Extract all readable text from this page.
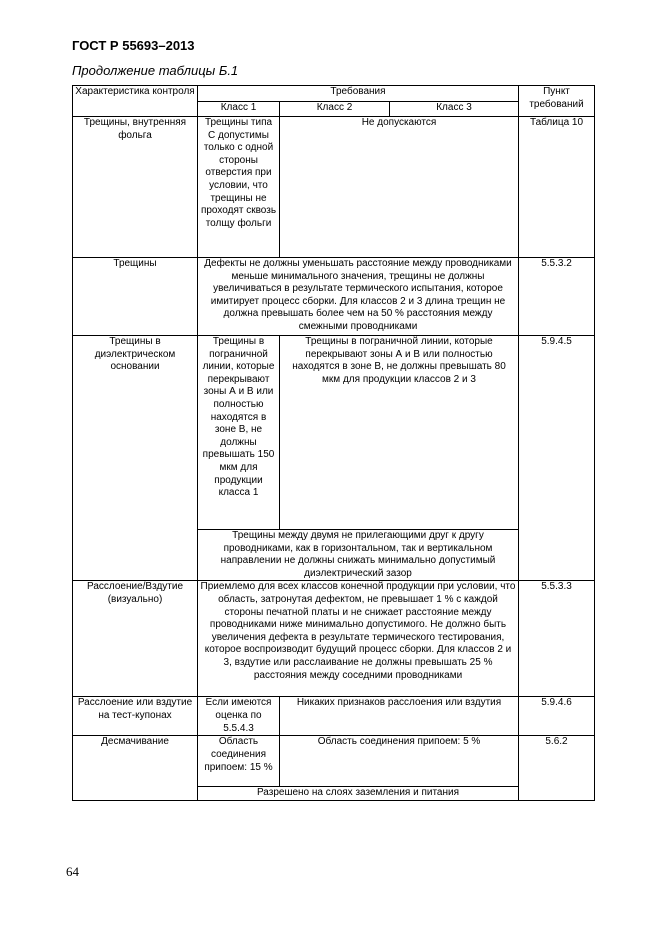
ГОСТ Р 55693–2013
Продолжение таблицы Б.1
Характеристика контроля	Требования			Пункт требований
	Класс 1	Класс 2	Класс 3	
Трещины, внутренняя фольга	Трещины типа С допустимы только с одной стороны отверстия при условии, что трещины не проходят сквозь толщу фольги	Не допускаются		Таблица 10
Трещины	Дефекты не должны уменьшать расстояние между проводниками меньше минимального значения, трещины не должны увеличиваться в результате термического испытания, которое имитирует процесс сборки. Для классов 2 и 3 длина трещин не должна превышать более чем на 50 % расстояния между смежными проводниками			5.5.3.2
Трещины в диэлектрическом основании	Трещины в пограничной линии, которые перекрывают зоны А и В или полностью находятся в зоне В, не должны превышать 150 мкм для продукции класса 1	Трещины в пограничной линии, которые перекрывают зоны А и В или полностью находятся в зоне В, не должны превышать 80 мкм для продукции классов 2 и 3		5.9.4.5
	Трещины между двумя не прилегающими друг к другу проводниками, как в горизонтальном, так и вертикальном направлении не должны снижать минимально допустимый диэлектрический зазор			
Расслоение/Вздутие (визуально)	Приемлемо для всех классов конечной продукции при условии, что область, затронутая дефектом, не превышает 1 % с каждой стороны печатной платы и не снижает расстояние между проводниками ниже минимально допустимого. Не должно быть увеличения дефекта в результате термического тестирования, которое воспроизводит будущий процесс сборки. Для классов 2 и 3, вздутие или расслаивание не должны превышать 25 % расстояния между соседними проводниками			5.5.3.3
Расслоение или вздутие на тест-купонах	Если имеются оценка по 5.5.4.3	Никаких признаков расслоения или вздутия		5.9.4.6
Десмачивание	Область соединения припоем: 15 %	Область соединения припоем: 5 %		5.6.2
	Разрешено на слоях заземления и питания			
64
